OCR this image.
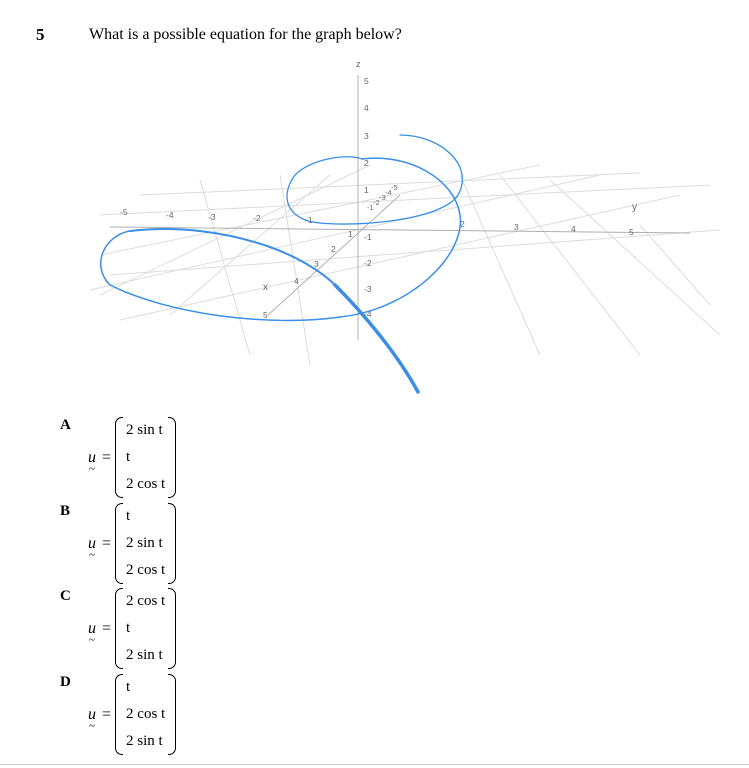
5	What is a possible equation for the graph below?
z
x
y
5
4
3
2
1
-1
-2
-3
-4
1
2
3
4
5
2	3	4	5
-1
-2
-3
-4
-5	-1
-2
-3
-4
-5
A
u
~
=
2 sin t
t
2 cos t
B
u
~
=
t
2 sin t
2 cos t
C
u
~
=
2 cos t
t
2 sin t
D
u
~
=
t
2 cos t
2 sin t
